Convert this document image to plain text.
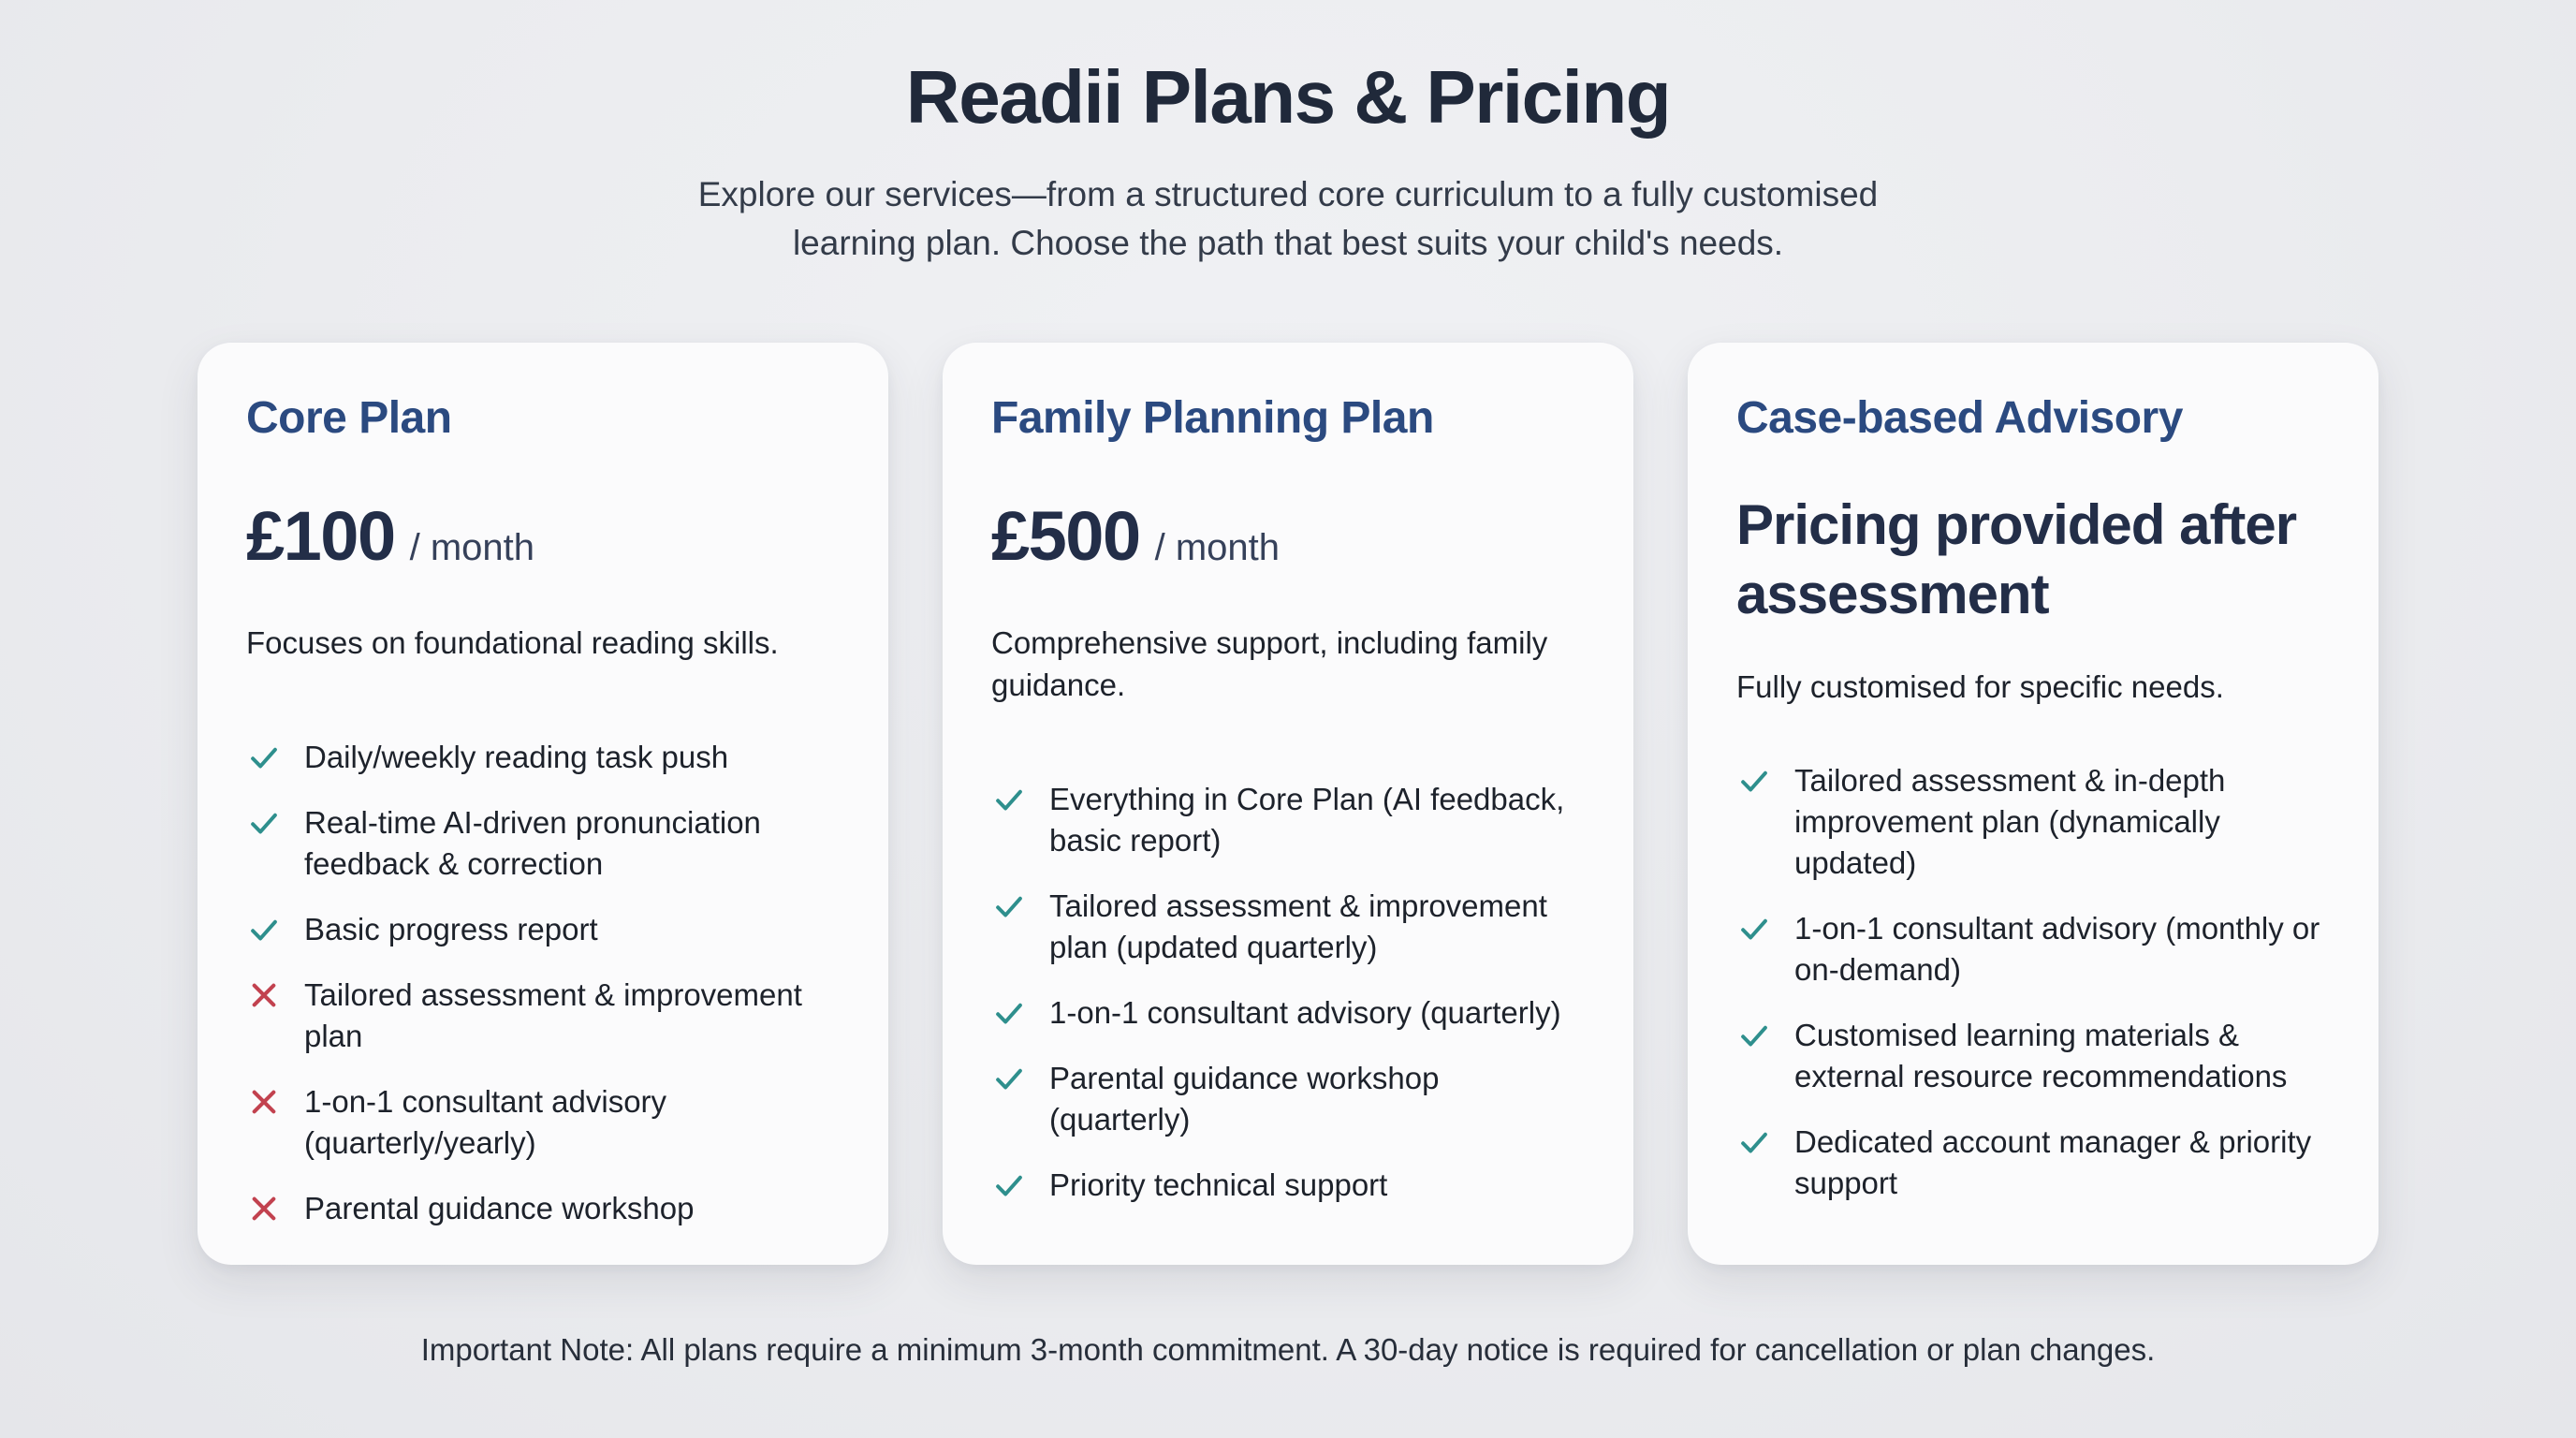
Readii Plans & Pricing

Explore our services—from a structured core curriculum to a fully customised
learning plan. Choose the path that best suits your child's needs.

Core Plan
£100 / month

Focuses on foundational reading skills.

Daily/weekly reading task push
Real-time AI-driven pronunciation feedback & correction
Basic progress report
Tailored assessment & improvement plan
1-on-1 consultant advisory (quarterly/yearly)
Parental guidance workshop
Family Planning Plan
£500 / month

Comprehensive support, including family guidance.

Everything in Core Plan (AI feedback, basic report)
Tailored assessment & improvement plan (updated quarterly)
1-on-1 consultant advisory (quarterly)
Parental guidance workshop (quarterly)
Priority technical support
Case-based Advisory
Pricing provided after assessment

Fully customised for specific needs.

Tailored assessment & in-depth improvement plan (dynamically updated)
1-on-1 consultant advisory (monthly or on-demand)
Customised learning materials & external resource recommendations
Dedicated account manager & priority support

Important Note: All plans require a minimum 3-month commitment. A 30-day notice is required for cancellation or plan changes.
